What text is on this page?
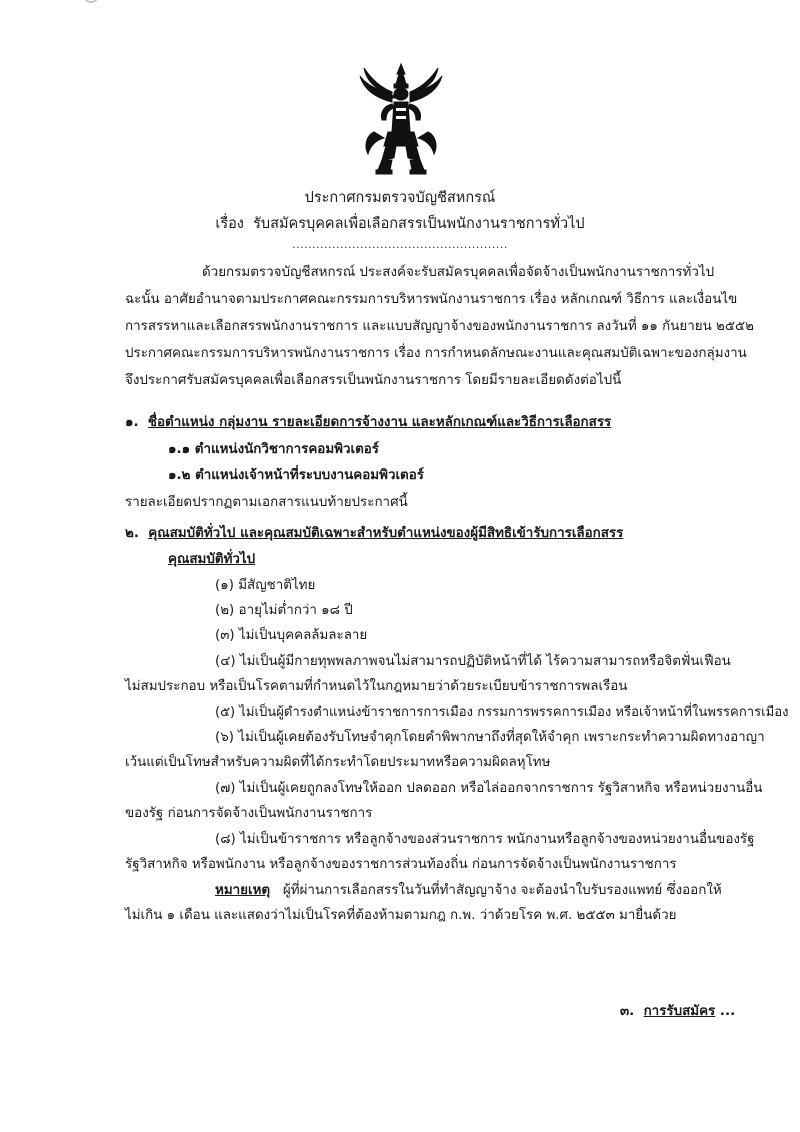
ประกาศกรมตรวจบัญชีสหกรณ์
เรื่อง รับสมัครบุคคลเพื่อเลือกสรรเป็นพนักงานราชการทั่วไป
......................................................
ด้วยกรมตรวจบัญชีสหกรณ์ ประสงค์จะรับสมัครบุคคลเพื่อจัดจ้างเป็นพนักงานราชการทั่วไป
ฉะนั้น อาศัยอำนาจตามประกาศคณะกรรมการบริหารพนักงานราชการ เรื่อง หลักเกณฑ์ วิธีการ และเงื่อนไข
การสรรหาและเลือกสรรพนักงานราชการ และแบบสัญญาจ้างของพนักงานราชการ ลงวันที่ ๑๑ กันยายน ๒๕๕๒
ประกาศคณะกรรมการบริหารพนักงานราชการ เรื่อง การกำหนดลักษณะงานและคุณสมบัติเฉพาะของกลุ่มงาน
จึงประกาศรับสมัครบุคคลเพื่อเลือกสรรเป็นพนักงานราชการ โดยมีรายละเอียดดังต่อไปนี้
๑. ชื่อตำแหน่ง กลุ่มงาน รายละเอียดการจ้างงาน และหลักเกณฑ์และวิธีการเลือกสรร
๑.๑ ตำแหน่งนักวิชาการคอมพิวเตอร์
๑.๒ ตำแหน่งเจ้าหน้าที่ระบบงานคอมพิวเตอร์
รายละเอียดปรากฏตามเอกสารแนบท้ายประกาศนี้
๒. คุณสมบัติทั่วไป และคุณสมบัติเฉพาะสำหรับตำแหน่งของผู้มีสิทธิเข้ารับการเลือกสรร
คุณสมบัติทั่วไป
(๑) มีสัญชาติไทย
(๒) อายุไม่ต่ำกว่า ๑๘ ปี
(๓) ไม่เป็นบุคคลล้มละลาย
(๔) ไม่เป็นผู้มีกายทุพพลภาพจนไม่สามารถปฏิบัติหน้าที่ได้ ไร้ความสามารถหรือจิตฟั่นเฟือน
ไม่สมประกอบ หรือเป็นโรคตามที่กำหนดไว้ในกฎหมายว่าด้วยระเบียบข้าราชการพลเรือน
(๕) ไม่เป็นผู้ดำรงตำแหน่งข้าราชการการเมือง กรรมการพรรคการเมือง หรือเจ้าหน้าที่ในพรรคการเมือง
(๖) ไม่เป็นผู้เคยต้องรับโทษจำคุกโดยคำพิพากษาถึงที่สุดให้จำคุก เพราะกระทำความผิดทางอาญา
เว้นแต่เป็นโทษสำหรับความผิดที่ได้กระทำโดยประมาทหรือความผิดลหุโทษ
(๗) ไม่เป็นผู้เคยถูกลงโทษให้ออก ปลดออก หรือไล่ออกจากราชการ รัฐวิสาหกิจ หรือหน่วยงานอื่น
ของรัฐ ก่อนการจัดจ้างเป็นพนักงานราชการ
(๘) ไม่เป็นข้าราชการ หรือลูกจ้างของส่วนราชการ พนักงานหรือลูกจ้างของหน่วยงานอื่นของรัฐ
รัฐวิสาหกิจ หรือพนักงาน หรือลูกจ้างของราชการส่วนท้องถิ่น ก่อนการจัดจ้างเป็นพนักงานราชการ
หมายเหตุ ผู้ที่ผ่านการเลือกสรรในวันที่ทำสัญญาจ้าง จะต้องนำใบรับรองแพทย์ ซึ่งออกให้
ไม่เกิน ๑ เดือน และแสดงว่าไม่เป็นโรคที่ต้องห้ามตามกฎ ก.พ. ว่าด้วยโรค พ.ศ. ๒๕๕๓ มายื่นด้วย
๓. การรับสมัคร ...
